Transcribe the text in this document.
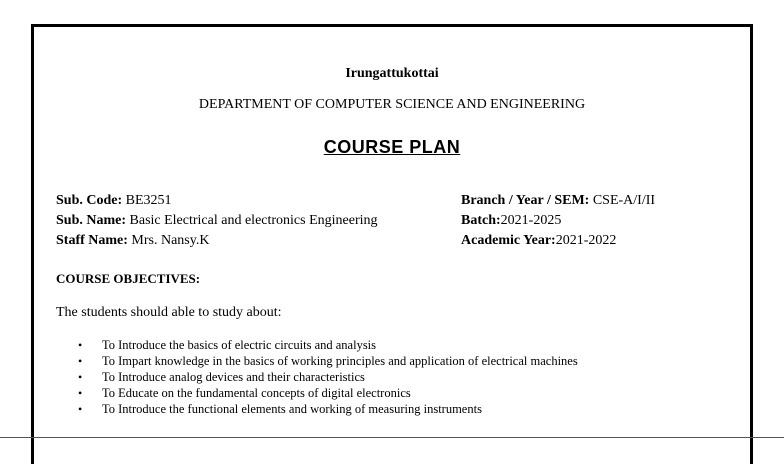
Irungattukottai
DEPARTMENT OF COMPUTER SCIENCE AND ENGINEERING
COURSE PLAN
Sub. Code: BE3251
Sub. Name: Basic Electrical and electronics Engineering
Staff Name: Mrs. Nansy.K
Branch / Year / SEM: CSE-A/I/II
Batch:2021-2025
Academic Year:2021-2022
COURSE OBJECTIVES:
The students should able to study about:
• To Introduce the basics of electric circuits and analysis
• To Impart knowledge in the basics of working principles and application of electrical machines
• To Introduce analog devices and their characteristics
• To Educate on the fundamental concepts of digital electronics
• To Introduce the functional elements and working of measuring instruments
